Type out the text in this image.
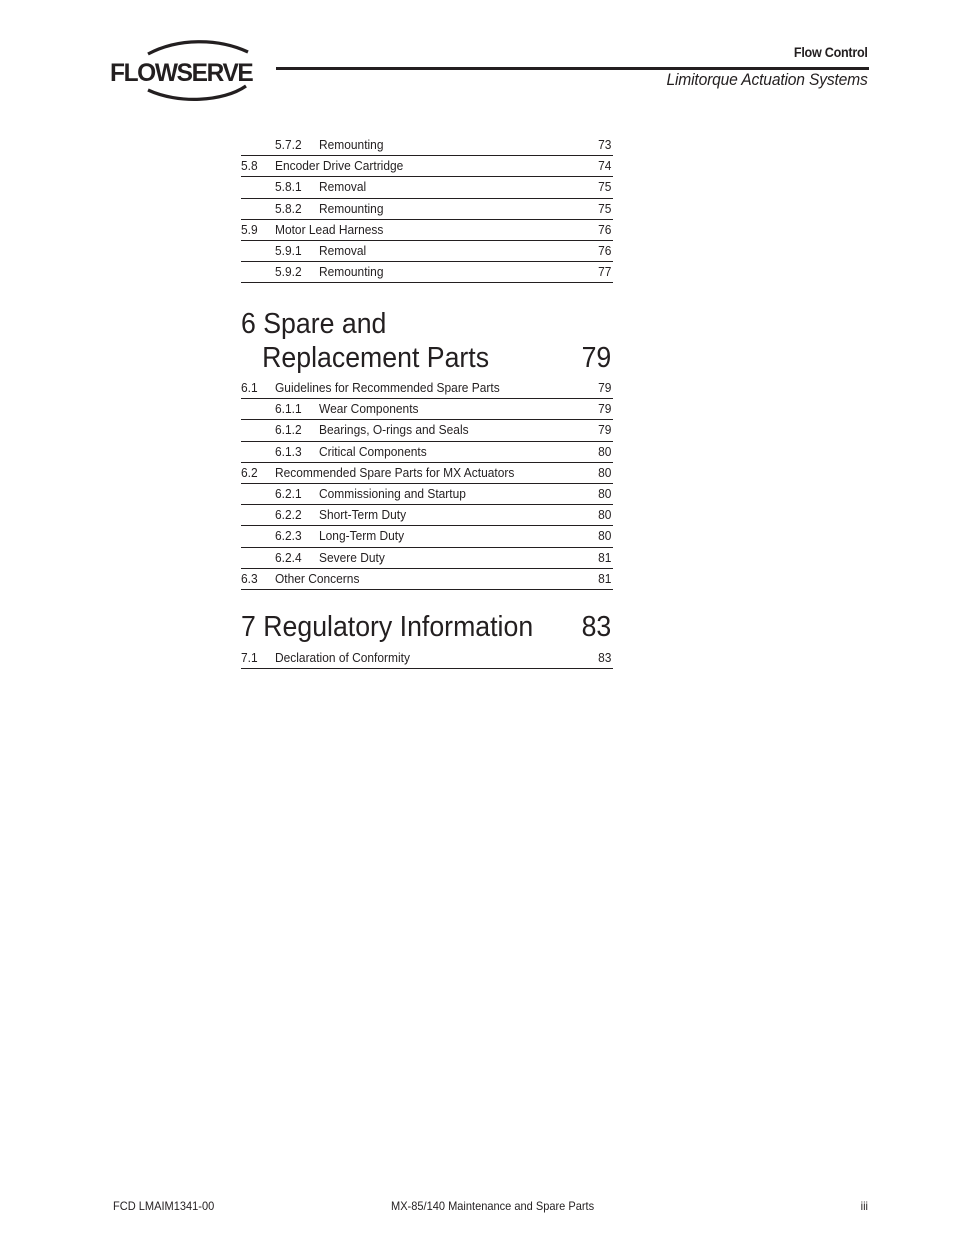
FLOWSERVE
Flow Control
Limitorque Actuation Systems
5.7.2 Remounting	73
5.8 Encoder Drive Cartridge	74
5.8.1 Removal	75
5.8.2 Remounting	75
5.9 Motor Lead Harness	76
5.9.1 Removal	76
5.9.2 Remounting	77
6 Spare and
Replacement Parts	79
6.1 Guidelines for Recommended Spare Parts	79
6.1.1 Wear Components	79
6.1.2 Bearings, O-rings and Seals	79
6.1.3 Critical Components	80
6.2 Recommended Spare Parts for MX Actuators	80
6.2.1 Commissioning and Startup	80
6.2.2 Short-Term Duty	80
6.2.3 Long-Term Duty	80
6.2.4 Severe Duty	81
6.3 Other Concerns	81
7 Regulatory Information	83
7.1 Declaration of Conformity	83
FCD LMAIM1341-00	MX-85/140 Maintenance and Spare Parts	iii
